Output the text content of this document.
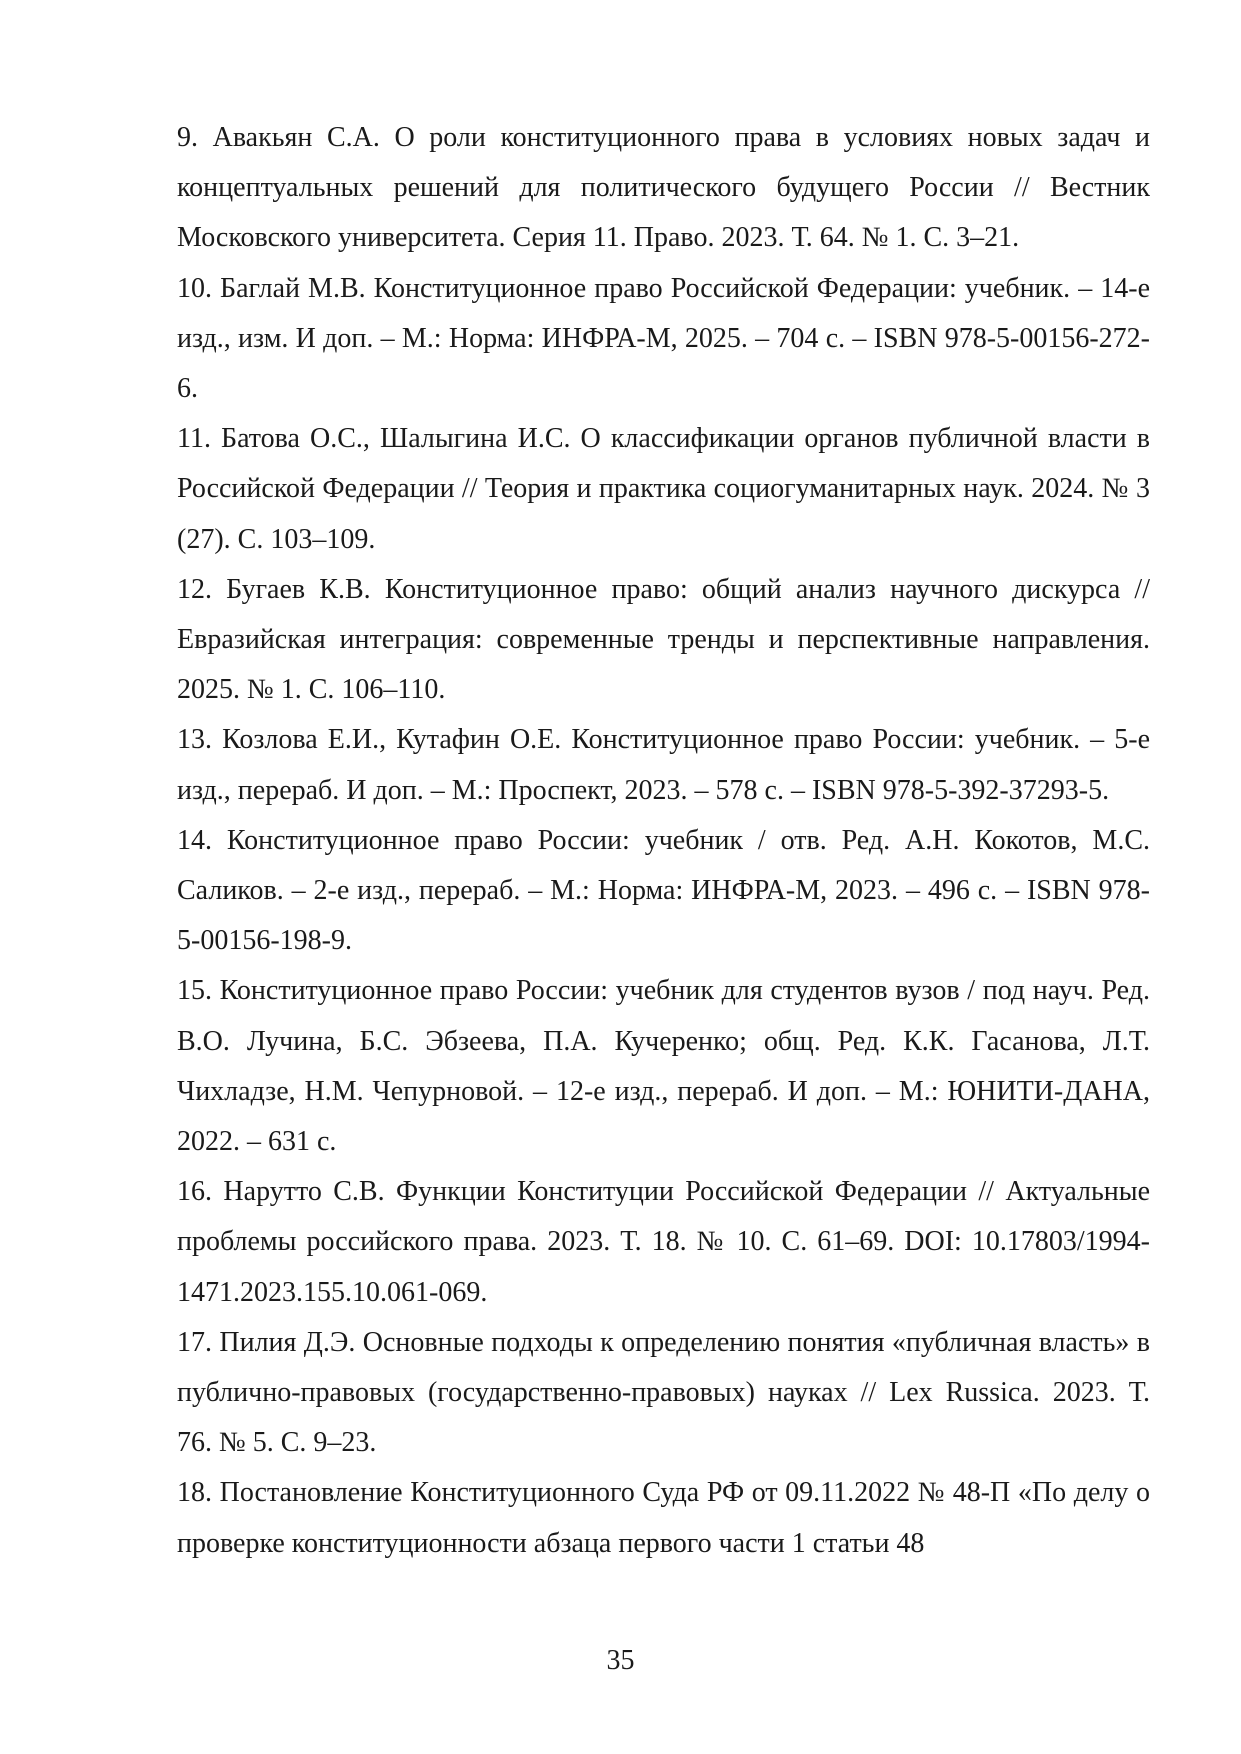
9. Авакьян С.А. О роли конституционного права в условиях новых задач и концептуальных решений для политического будущего России // Вестник Московского университета. Серия 11. Право. 2023. Т. 64. № 1. С. 3–21.

10. Баглай М.В. Конституционное право Российской Федерации: учебник. – 14-е изд., изм. И доп. – М.: Норма: ИНФРА-М, 2025. – 704 с. – ISBN 978-5-00156-272-6.

11. Батова О.С., Шалыгина И.С. О классификации органов публичной власти в Российской Федерации // Теория и практика социогуманитарных наук. 2024. № 3 (27). С. 103–109.

12. Бугаев К.В. Конституционное право: общий анализ научного дискурса // Евразийская интеграция: современные тренды и перспективные направления. 2025. № 1. С. 106–110.

13. Козлова Е.И., Кутафин О.Е. Конституционное право России: учебник. – 5-е изд., перераб. И доп. – М.: Проспект, 2023. – 578 с. – ISBN 978-5-392-37293-5.

14. Конституционное право России: учебник / отв. Ред. А.Н. Кокотов, М.С. Саликов. – 2-е изд., перераб. – М.: Норма: ИНФРА-М, 2023. – 496 с. – ISBN 978-5-00156-198-9.

15. Конституционное право России: учебник для студентов вузов / под науч. Ред. В.О. Лучина, Б.С. Эбзеева, П.А. Кучеренко; общ. Ред. К.К. Гасанова, Л.Т. Чихладзе, Н.М. Чепурновой. – 12-е изд., перераб. И доп. – М.: ЮНИТИ-ДАНА, 2022. – 631 с.

16. Нарутто С.В. Функции Конституции Российской Федерации // Актуальные проблемы российского права. 2023. Т. 18. № 10. С. 61–69. DOI: 10.17803/1994-1471.2023.155.10.061-069.

17. Пилия Д.Э. Основные подходы к определению понятия «публичная власть» в публично-правовых (государственно-правовых) науках // Lex Russica. 2023. Т. 76. № 5. С. 9–23.

18. Постановление Конституционного Суда РФ от 09.11.2022 № 48-П «По делу о проверке конституционности абзаца первого части 1 статьи 48

35
